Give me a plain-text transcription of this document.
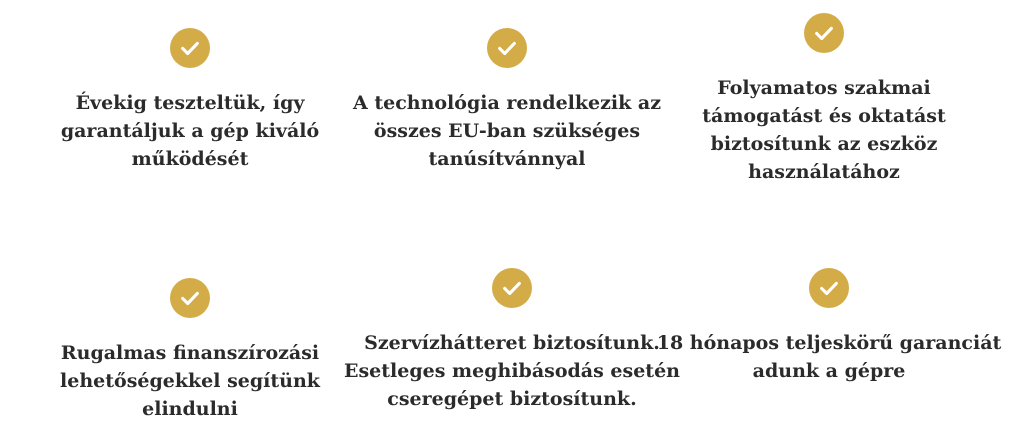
Évekig teszteltük, így
garantáljuk a gép kiváló
működését

A technológia rendelkezik az
összes EU-ban szükséges
tanúsítvánnyal

Folyamatos szakmai
támogatást és oktatást
biztosítunk az eszköz
használatához

Rugalmas finanszírozási
lehetőségekkel segítünk
elindulni

Szervízhátteret biztosítunk.
Esetleges meghibásodás esetén
cseregépet biztosítunk.

18 hónapos teljeskörű garanciát
adunk a gépre
